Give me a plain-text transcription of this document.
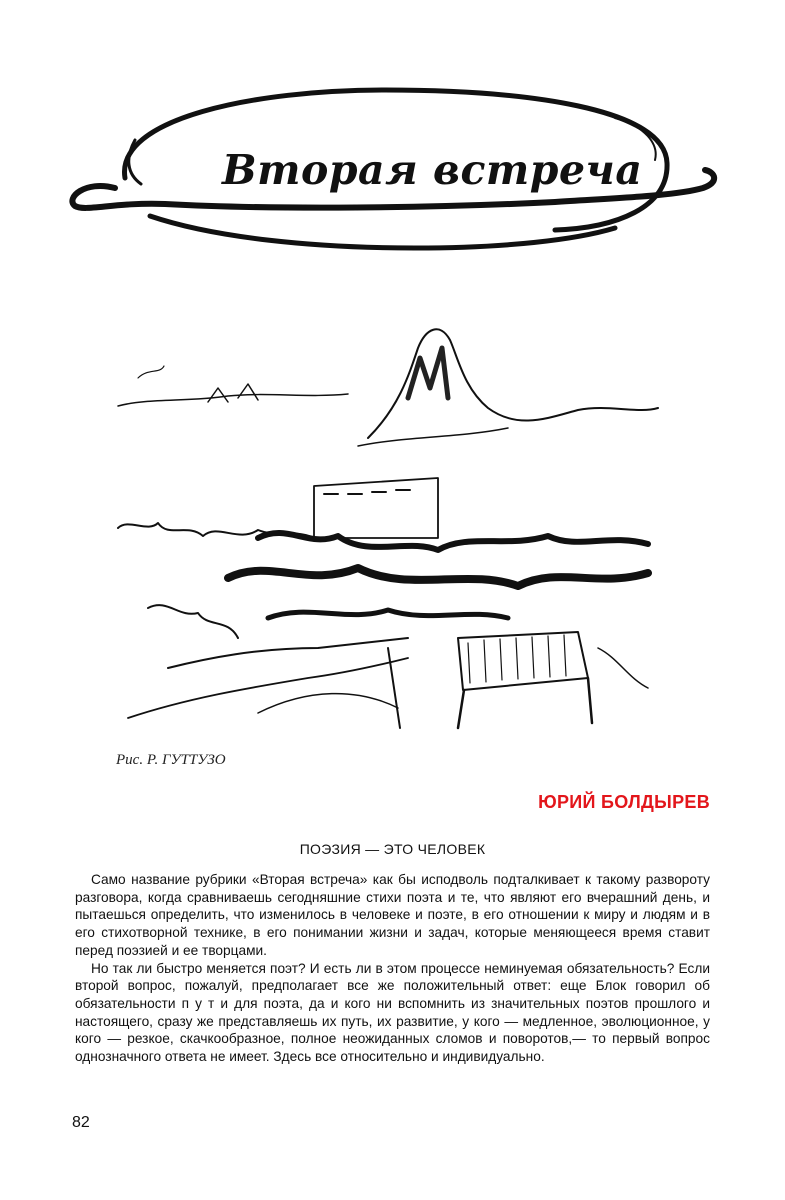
Вторая встреча
Рис. Р. ГУТТУЗО
ЮРИЙ БОЛДЫРЕВ
ПОЭЗИЯ — ЭТО ЧЕЛОВЕК

Само название рубрики «Вторая встреча» как бы исподволь подталкивает к такому развороту разговора, когда сравниваешь сегодняшние стихи поэта и те, что являют его вчерашний день, и пытаешься определить, что изменилось в человеке и поэте, в его отношении к миру и людям и в его стихотворной технике, в его понимании жизни и задач, которые меняющееся время ставит перед поэзией и ее творцами.

Но так ли быстро меняется поэт? И есть ли в этом процессе неминуемая обязательность? Если второй вопрос, пожалуй, предполагает все же положительный ответ: еще Блок говорил об обязательности п у т и для поэта, да и кого ни вспомнить из значительных поэтов прошлого и настоящего, сразу же представляешь их путь, их развитие, у кого — медленное, эволюционное, у кого — резкое, скачкообразное, полное неожиданных сломов и поворотов,— то первый вопрос однозначного ответа не имеет. Здесь все относительно и индивидуально.

82
